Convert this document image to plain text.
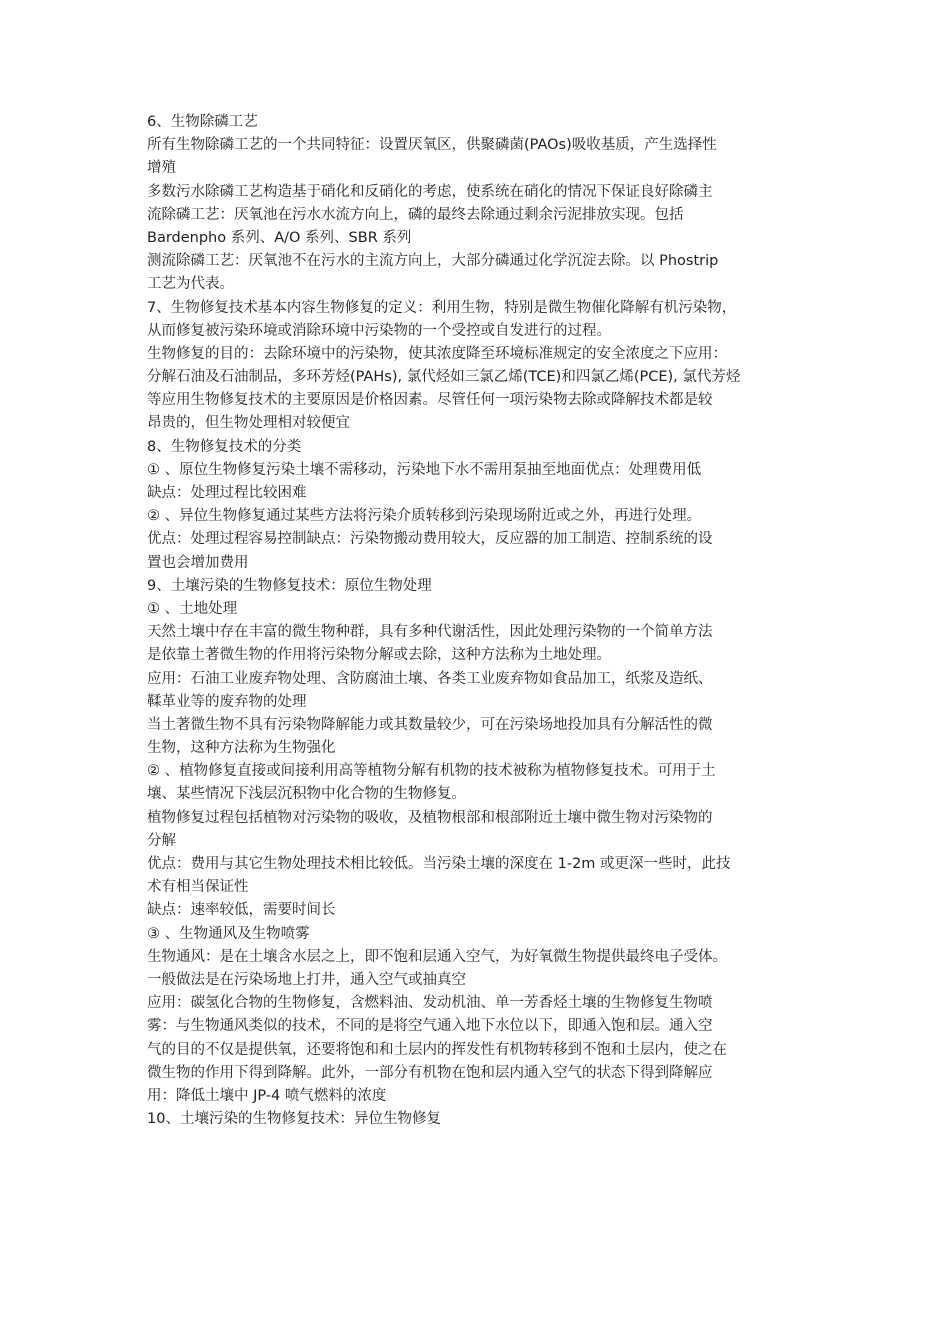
6、生物除磷工艺
所有生物除磷工艺的一个共同特征：设置厌氧区，供聚磷菌(PAOs)吸收基质，产生选择性
增殖
多数污水除磷工艺构造基于硝化和反硝化的考虑，使系统在硝化的情况下保证良好除磷主
流除磷工艺：厌氧池在污水水流方向上，磷的最终去除通过剩余污泥排放实现。包括
Bardenpho 系列、A/O 系列、SBR 系列
测流除磷工艺：厌氧池不在污水的主流方向上，大部分磷通过化学沉淀去除。以 Phostrip
工艺为代表。
7、生物修复技术基本内容生物修复的定义：利用生物，特别是微生物催化降解有机污染物，
从而修复被污染环境或消除环境中污染物的一个受控或自发进行的过程。
生物修复的目的：去除环境中的污染物，使其浓度降至环境标准规定的安全浓度之下应用：
分解石油及石油制品，多环芳烃(PAHs), 氯代烃如三氯乙烯(TCE)和四氯乙烯(PCE), 氯代芳烃
等应用生物修复技术的主要原因是价格因素。尽管任何一项污染物去除或降解技术都是较
昂贵的，但生物处理相对较便宜
8、生物修复技术的分类
① 、原位生物修复污染土壤不需移动，污染地下水不需用泵抽至地面优点：处理费用低
缺点：处理过程比较困难
② 、异位生物修复通过某些方法将污染介质转移到污染现场附近或之外，再进行处理。
优点：处理过程容易控制缺点：污染物搬动费用较大，反应器的加工制造、控制系统的设
置也会增加费用
9、土壤污染的生物修复技术：原位生物处理
① 、土地处理
天然土壤中存在丰富的微生物种群，具有多种代谢活性，因此处理污染物的一个简单方法
是依靠土著微生物的作用将污染物分解或去除，这种方法称为土地处理。
应用：石油工业废弃物处理、含防腐油土壤、各类工业废弃物如食品加工，纸浆及造纸、
鞣革业等的废弃物的处理
当土著微生物不具有污染物降解能力或其数量较少，可在污染场地投加具有分解活性的微
生物，这种方法称为生物强化
② 、植物修复直接或间接利用高等植物分解有机物的技术被称为植物修复技术。可用于土
壤、某些情况下浅层沉积物中化合物的生物修复。
植物修复过程包括植物对污染物的吸收，及植物根部和根部附近土壤中微生物对污染物的
分解
优点：费用与其它生物处理技术相比较低。当污染土壤的深度在 1-2m 或更深一些时，此技
术有相当保证性
缺点：速率较低，需要时间长
③ 、生物通风及生物喷雾
生物通风：是在土壤含水层之上，即不饱和层通入空气，为好氧微生物提供最终电子受体。
一般做法是在污染场地上打井，通入空气或抽真空
应用：碳氢化合物的生物修复，含燃料油、发动机油、单一芳香烃土壤的生物修复生物喷
雾：与生物通风类似的技术，不同的是将空气通入地下水位以下，即通入饱和层。通入空
气的目的不仅是提供氧，还要将饱和和土层内的挥发性有机物转移到不饱和土层内，使之在
微生物的作用下得到降解。此外，一部分有机物在饱和层内通入空气的状态下得到降解应
用：降低土壤中 JP-4 喷气燃料的浓度
10、土壤污染的生物修复技术：异位生物修复
